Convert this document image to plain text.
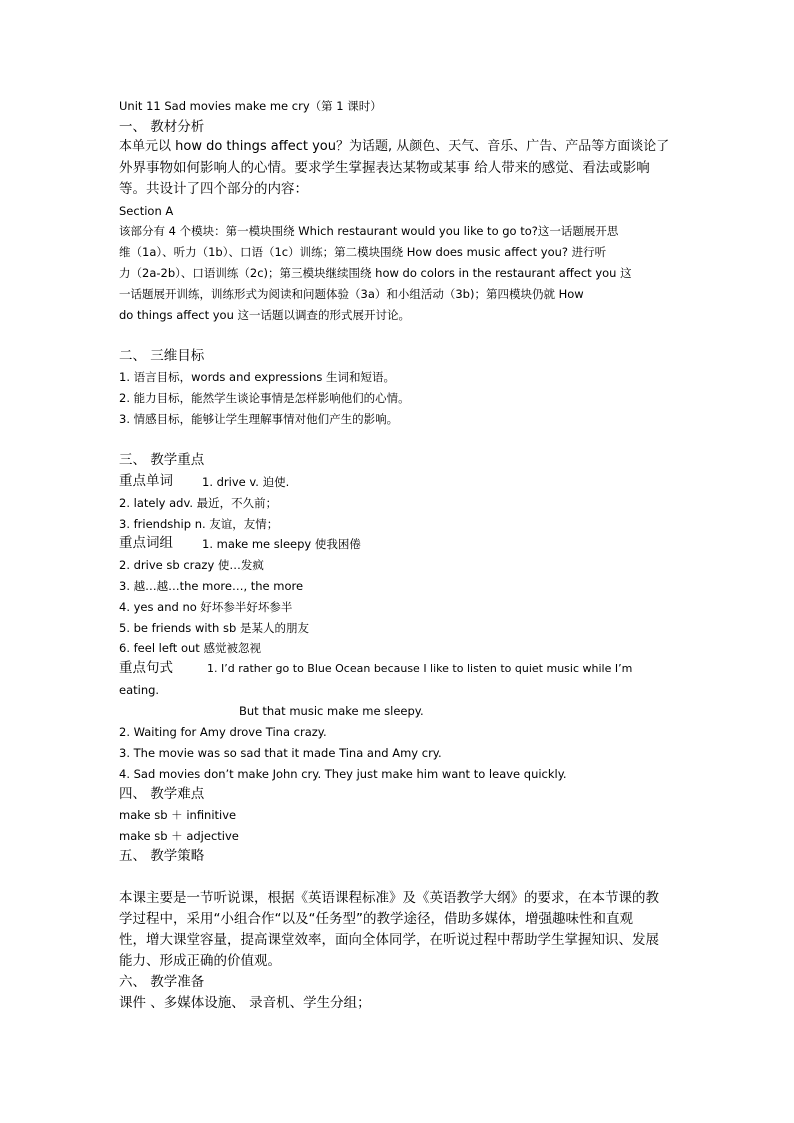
Unit 11 Sad movies make me cry（第 1 课时）
一、 教材分析
本单元以 how do things affect you？为话题, 从颜色、天气、音乐、广告、产品等方面谈论了
外界事物如何影响人的心情。要求学生掌握表达某物或某事 给人带来的感觉、看法或影响
等。共设计了四个部分的内容：
Section A
该部分有 4 个模块：第一模块围绕 Which restaurant would you like to go to?这一话题展开思
维（1a）、听力（1b）、口语（1c）训练；第二模块围绕 How does music affect you? 进行听
力（2a-2b）、口语训练（2c)；第三模块继续围绕 how do colors in the restaurant affect you 这
一话题展开训练，训练形式为阅读和问题体验（3a）和小组活动（3b)；第四模块仍就 How
do things affect you 这一话题以调查的形式展开讨论。
二、 三维目标
1. 语言目标，words and expressions 生词和短语。
2. 能力目标，能然学生谈论事情是怎样影响他们的心情。
3. 情感目标，能够让学生理解事情对他们产生的影响。
三、 教学重点
重点单词	1. drive v. 迫使.
2. lately adv. 最近，不久前；
3. friendship n. 友谊，友情；
重点词组	1. make me sleepy 使我困倦
2. drive sb crazy 使…发疯
3. 越…越…the more…, the more
4. yes and no 好坏参半好坏参半
5. be friends with sb 是某人的朋友
6. feel left out 感觉被忽视
重点句式	1. I’d rather go to Blue Ocean because I like to listen to quiet music while I’m
eating.
But that music make me sleepy.
2. Waiting for Amy drove Tina crazy.
3. The movie was so sad that it made Tina and Amy cry.
4. Sad movies don’t make John cry. They just make him want to leave quickly.
四、 教学难点
make sb ＋ infinitive
make sb ＋ adjective
五、 教学策略
本课主要是一节听说课，根据《英语课程标准》及《英语教学大纲》的要求，在本节课的教
学过程中，采用“小组合作“以及“任务型”的教学途径，借助多媒体，增强趣味性和直观
性，增大课堂容量，提高课堂效率，面向全体同学，在听说过程中帮助学生掌握知识、发展
能力、形成正确的价值观。
六、 教学准备
课件 、多媒体设施、 录音机、学生分组；
